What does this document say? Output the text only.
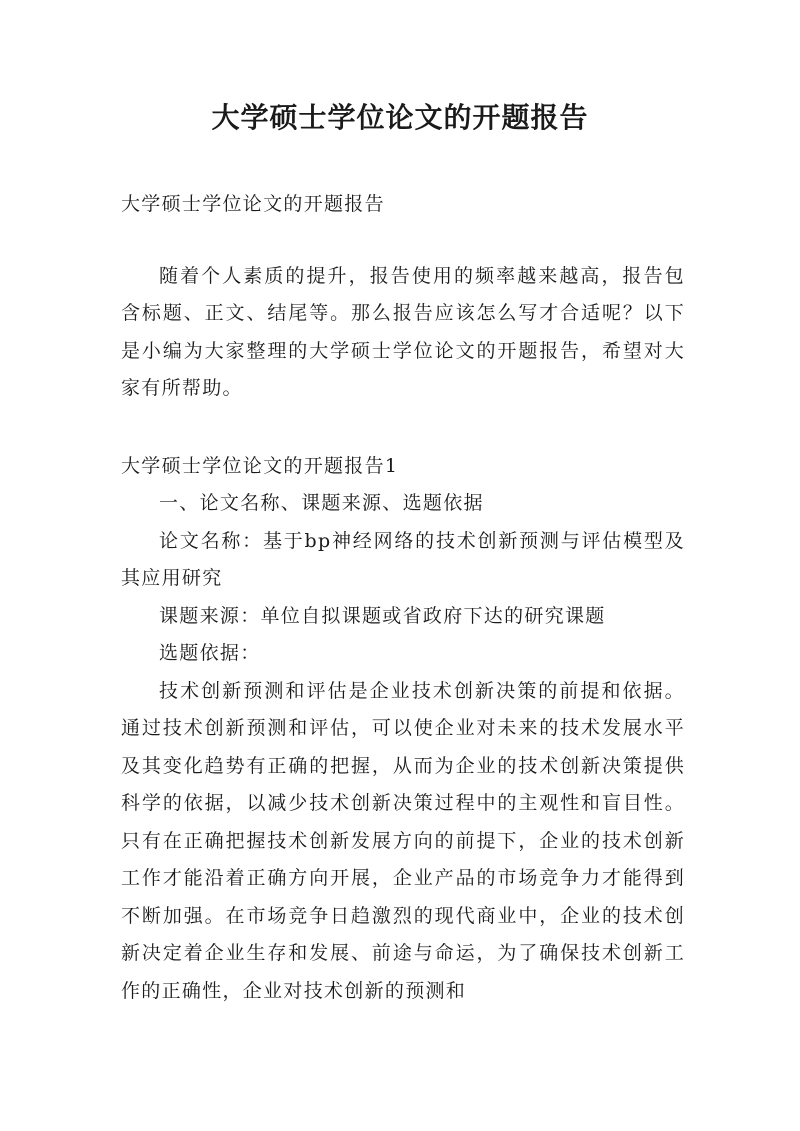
大学硕士学位论文的开题报告

大学硕士学位论文的开题报告

随着个人素质的提升，报告使用的频率越来越高，报告包含标题、正文、结尾等。那么报告应该怎么写才合适呢？以下是小编为大家整理的大学硕士学位论文的开题报告，希望对大家有所帮助。

大学硕士学位论文的开题报告1

一、论文名称、课题来源、选题依据

论文名称：基于bp神经网络的技术创新预测与评估模型及其应用研究

课题来源：单位自拟课题或省政府下达的研究课题

选题依据：

技术创新预测和评估是企业技术创新决策的前提和依据。通过技术创新预测和评估，可以使企业对未来的技术发展水平及其变化趋势有正确的把握，从而为企业的技术创新决策提供科学的依据，以减少技术创新决策过程中的主观性和盲目性。只有在正确把握技术创新发展方向的前提下，企业的技术创新工作才能沿着正确方向开展，企业产品的市场竞争力才能得到不断加强。在市场竞争日趋激烈的现代商业中，企业的技术创新决定着企业生存和发展、前途与命运，为了确保技术创新工作的正确性，企业对技术创新的预测和
